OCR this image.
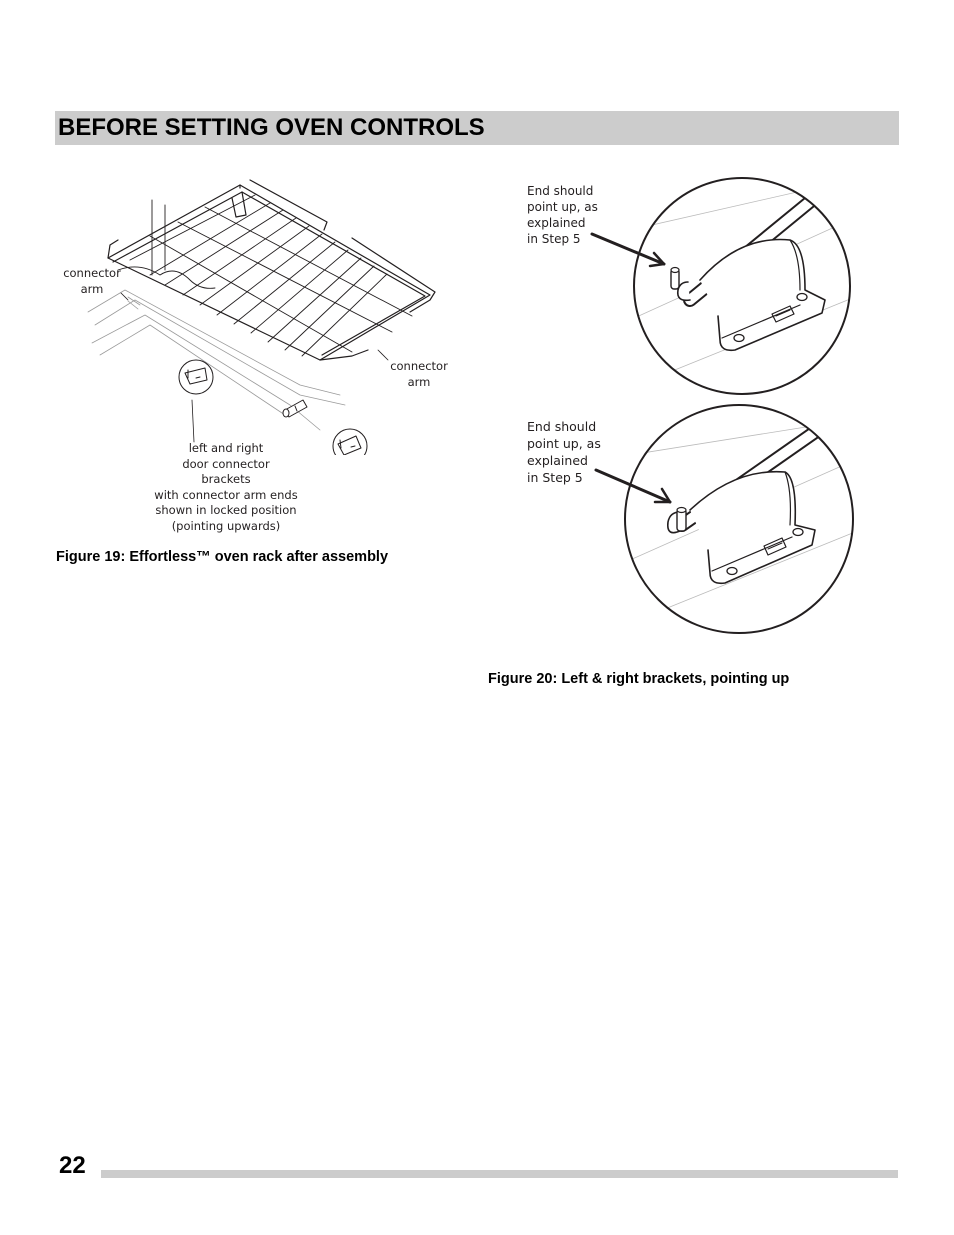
BEFORE SETTING OVEN CONTROLS
connector
arm
connector
arm
left and right
door connector
brackets
with connector arm ends
shown in locked position
(pointing upwards)

Figure 19: Effortless™ oven rack after assembly

End should
point up, as
explained
in Step 5
End should
point up, as
explained
in Step 5

Figure 20: Left & right brackets, pointing up

22
